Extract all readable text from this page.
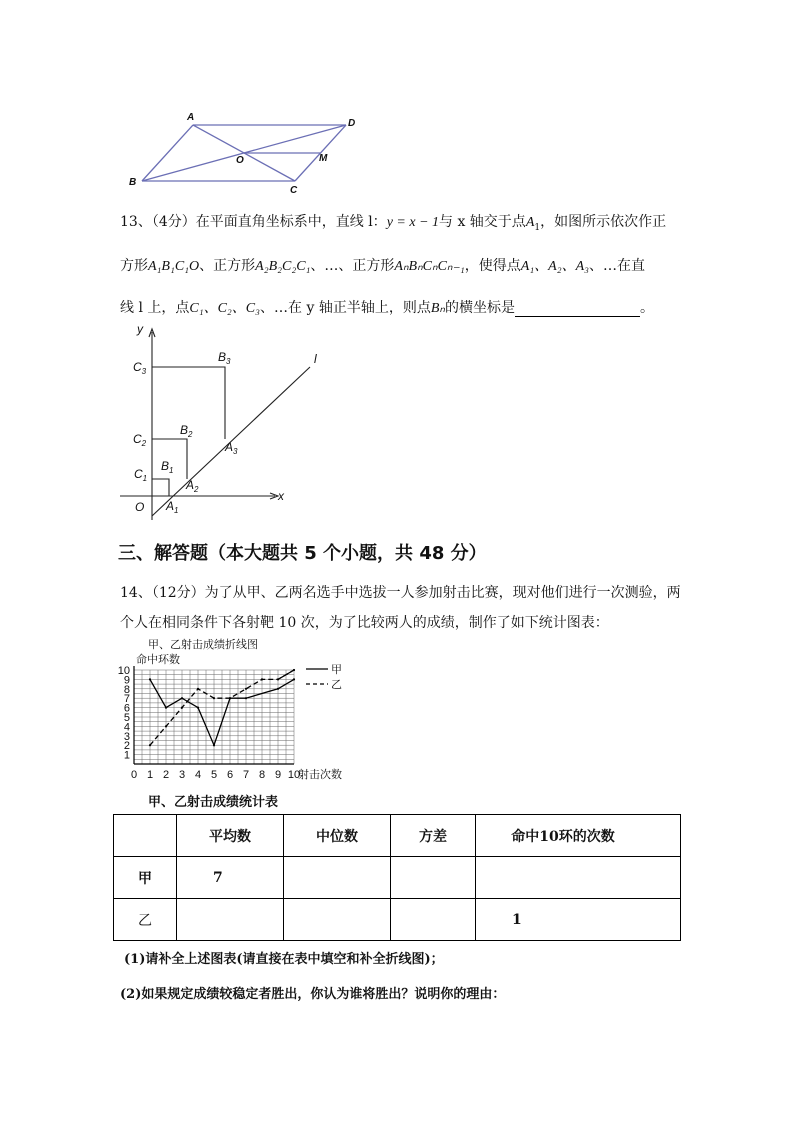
A
D
O	M
B
C
13、（4分）在平面直角坐标系中，直线 l：y = x − 1与 x 轴交于点$A_1$，如图所示依次作正
方形A₁B₁C₁O、正方形A₂B₂C₂C₁、…、正方形AₙBₙCₙCₙ₋₁，使得点A₁、A₂、A₃、…在直
线 l 上，点C₁、C₂、C₃、…在 y 轴正半轴上，则点Bₙ的横坐标是	。
y
x
l
O
$C_3$
$B_3$
$C_2$
$B_2$
$A_3$
$C_1$
$B_1$
$A_2$
$A_1$
三、解答题（本大题共 5 个小题，共 48 分）
14、（12分）为了从甲、乙两名选手中选拔一人参加射击比赛，现对他们进行一次测验，两
个人在相同条件下各射靶 10 次，为了比较两人的成绩，制作了如下统计图表：
甲、乙射击成绩折线图
0 1 2 3 4 5 6 7 8 9 10
1
2
3
4
5
6
7
8
9
10
命中环数
射击次数
甲
乙
甲、乙射击成绩统计表
	平均数	中位数	方差	命中10环的次数
甲	7			
乙				1
(1)请补全上述图表(请直接在表中填空和补全折线图)；
(2)如果规定成绩较稳定者胜出，你认为谁将胜出？说明你的理由：
